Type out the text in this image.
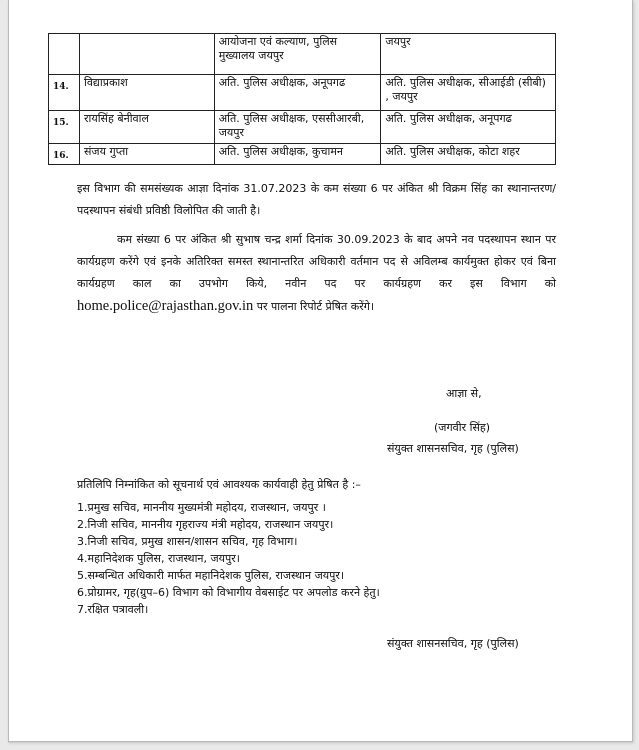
		आयोजना एवं कल्याण, पुलिस मुख्यालय जयपुर	जयपुर
14.	विद्याप्रकाश	अति. पुलिस अधीक्षक, अनूपगढ	अति. पुलिस अधीक्षक, सीआईडी (सीबी) , जयपुर
15.	रायसिंह बेनीवाल	अति. पुलिस अधीक्षक, एससीआरबी, जयपुर	अति. पुलिस अधीक्षक, अनूपगढ
16.	संजय गुप्ता	अति. पुलिस अधीक्षक, कुचामन	अति. पुलिस अधीक्षक, कोटा शहर

इस विभाग की समसंख्यक आज्ञा दिनांक 31.07.2023 के कम संख्या 6 पर अंकित श्री विक्रम सिंह का स्थानान्तरण/पदस्थापन संबंधी प्रविष्ठी विलोपित की जाती है।

कम संख्या 6 पर अंकित श्री सुभाष चन्द्र शर्मा दिनांक 30.09.2023 के बाद अपने नव पदस्थापन स्थान पर कार्यग्रहण करेंगे एवं इनके अतिरिक्त समस्त स्थानान्तरित अधिकारी वर्तमान पद से अविलम्ब कार्यमुक्त होकर एवं बिना कार्यग्रहण काल का उपभोग किये, नवीन पद पर कार्यग्रहण कर इस विभाग को home.police@rajasthan.gov.in पर पालना रिपोर्ट प्रेषित करेंगे।

आज्ञा से,
(जगवीर सिंह)
संयुक्त शासनसचिव, गृह (पुलिस)
प्रतिलिपि निम्नांकित को सूचनार्थ एवं आवश्यक कार्यवाही हेतु प्रेषित है :–
1.प्रमुख सचिव, माननीय मुख्यमंत्री महोदय, राजस्थान, जयपुर ।
2.निजी सचिव, माननीय गृहराज्य मंत्री महोदय, राजस्थान जयपुर।
3.निजी सचिव, प्रमुख शासन/शासन सचिव, गृह विभाग।
4.महानिदेशक पुलिस, राजस्थान, जयपुर।
5.सम्बन्धित अधिकारी मार्फत महानिदेशक पुलिस, राजस्थान जयपुर।
6.प्रोग्रामर, गृह(ग्रुप–6) विभाग को विभागीय वेबसाईट पर अपलोड करने हेतु।
7.रक्षित पत्रावली।
संयुक्त शासनसचिव, गृह (पुलिस)
